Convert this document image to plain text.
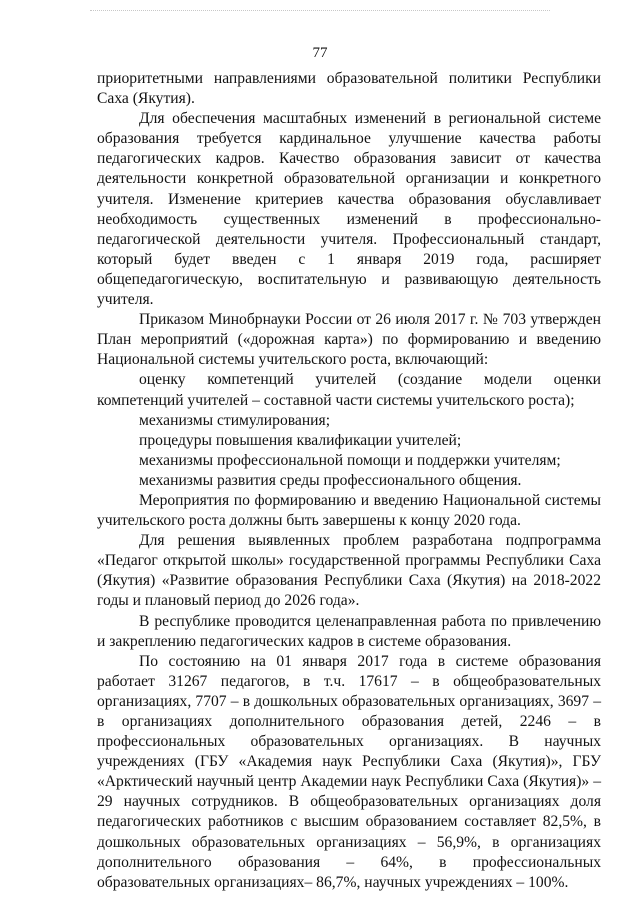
77

приоритетными направлениями образовательной политики Республики Саха (Якутия).

Для обеспечения масштабных изменений в региональной системе образования требуется кардинальное улучшение качества работы педагогических кадров. Качество образования зависит от качества деятельности конкретной образовательной организации и конкретного учителя. Изменение критериев качества образования обуславливает необходимость существенных изменений в профессионально-педагогической деятельности учителя. Профессиональный стандарт, который будет введен с 1 января 2019 года, расширяет общепедагогическую, воспитательную и развивающую деятельность учителя.

Приказом Минобрнауки России от 26 июля 2017 г. № 703 утвержден План мероприятий («дорожная карта») по формированию и введению Национальной системы учительского роста, включающий:

оценку компетенций учителей (создание модели оценки компетенций учителей – составной части системы учительского роста);

механизмы стимулирования;

процедуры повышения квалификации учителей;

механизмы профессиональной помощи и поддержки учителям;

механизмы развития среды профессионального общения.

Мероприятия по формированию и введению Национальной системы учительского роста должны быть завершены к концу 2020 года.

Для решения выявленных проблем разработана подпрограмма «Педагог открытой школы» государственной программы Республики Саха (Якутия) «Развитие образования Республики Саха (Якутия) на 2018-2022 годы и плановый период до 2026 года».

В республике проводится целенаправленная работа по привлечению и закреплению педагогических кадров в системе образования.

По состоянию на 01 января 2017 года в системе образования работает 31267 педагогов, в т.ч. 17617 – в общеобразовательных организациях, 7707 – в дошкольных образовательных организациях, 3697 – в организациях дополнительного образования детей, 2246 – в профессиональных образовательных организациях. В научных учреждениях (ГБУ «Академия наук Республики Саха (Якутия)», ГБУ «Арктический научный центр Академии наук Республики Саха (Якутия)» – 29 научных сотрудников. В общеобразовательных организациях доля педагогических работников с высшим образованием составляет 82,5%, в дошкольных образовательных организациях – 56,9%, в организациях дополнительного образования – 64%, в профессиональных образовательных организациях– 86,7%, научных учреждениях – 100%.
